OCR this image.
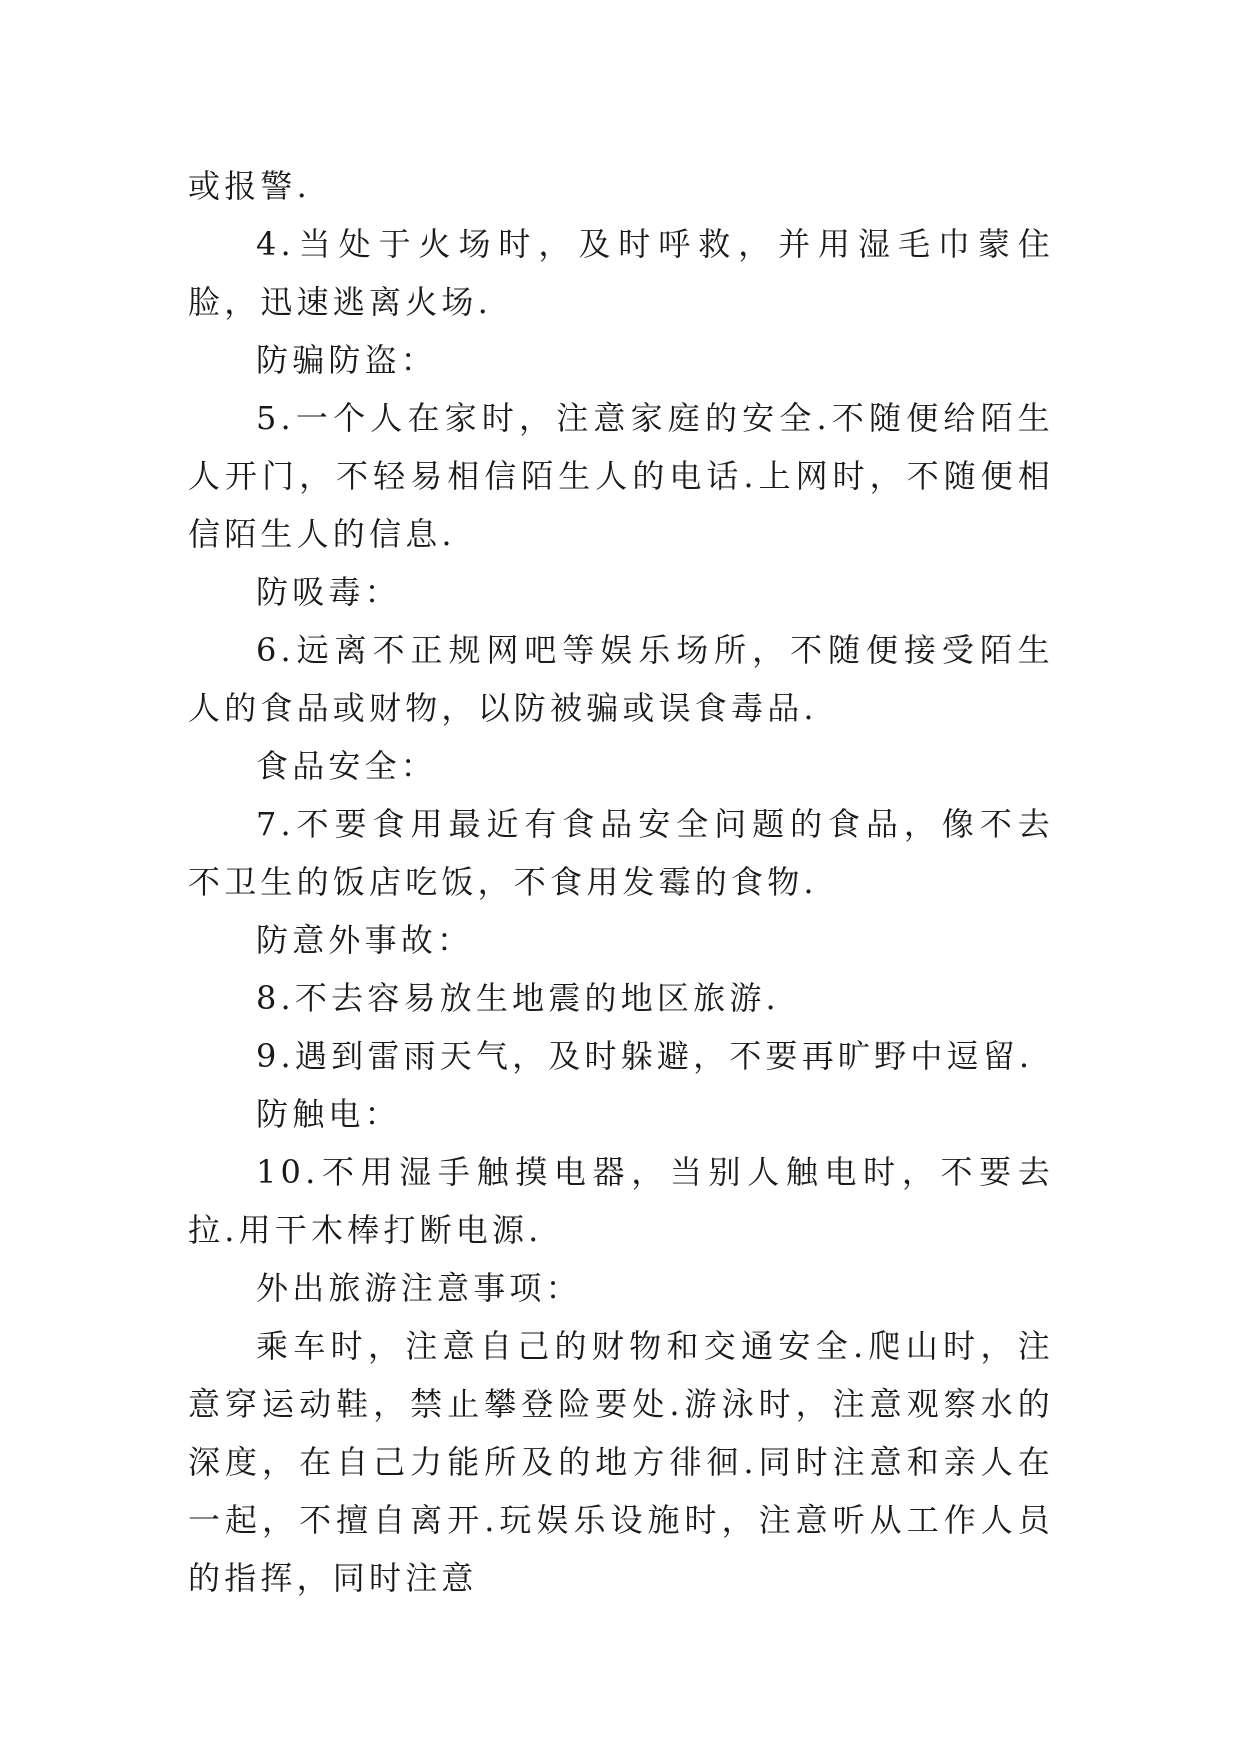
或报警.

4.当处于火场时，及时呼救，并用湿毛巾蒙住脸，迅速逃离火场.

防骗防盗：

5.一个人在家时，注意家庭的安全.不随便给陌生人开门，不轻易相信陌生人的电话.上网时，不随便相信陌生人的信息.

防吸毒：

6.远离不正规网吧等娱乐场所，不随便接受陌生人的食品或财物，以防被骗或误食毒品.

食品安全：

7.不要食用最近有食品安全问题的食品，像不去不卫生的饭店吃饭，不食用发霉的食物.

防意外事故：

8.不去容易放生地震的地区旅游.

9.遇到雷雨天气，及时躲避，不要再旷野中逗留.

防触电：

10.不用湿手触摸电器，当别人触电时，不要去拉.用干木棒打断电源.

外出旅游注意事项：

乘车时，注意自己的财物和交通安全.爬山时，注意穿运动鞋，禁止攀登险要处.游泳时，注意观察水的深度，在自己力能所及的地方徘徊.同时注意和亲人在一起，不擅自离开.玩娱乐设施时，注意听从工作人员的指挥，同时注意
